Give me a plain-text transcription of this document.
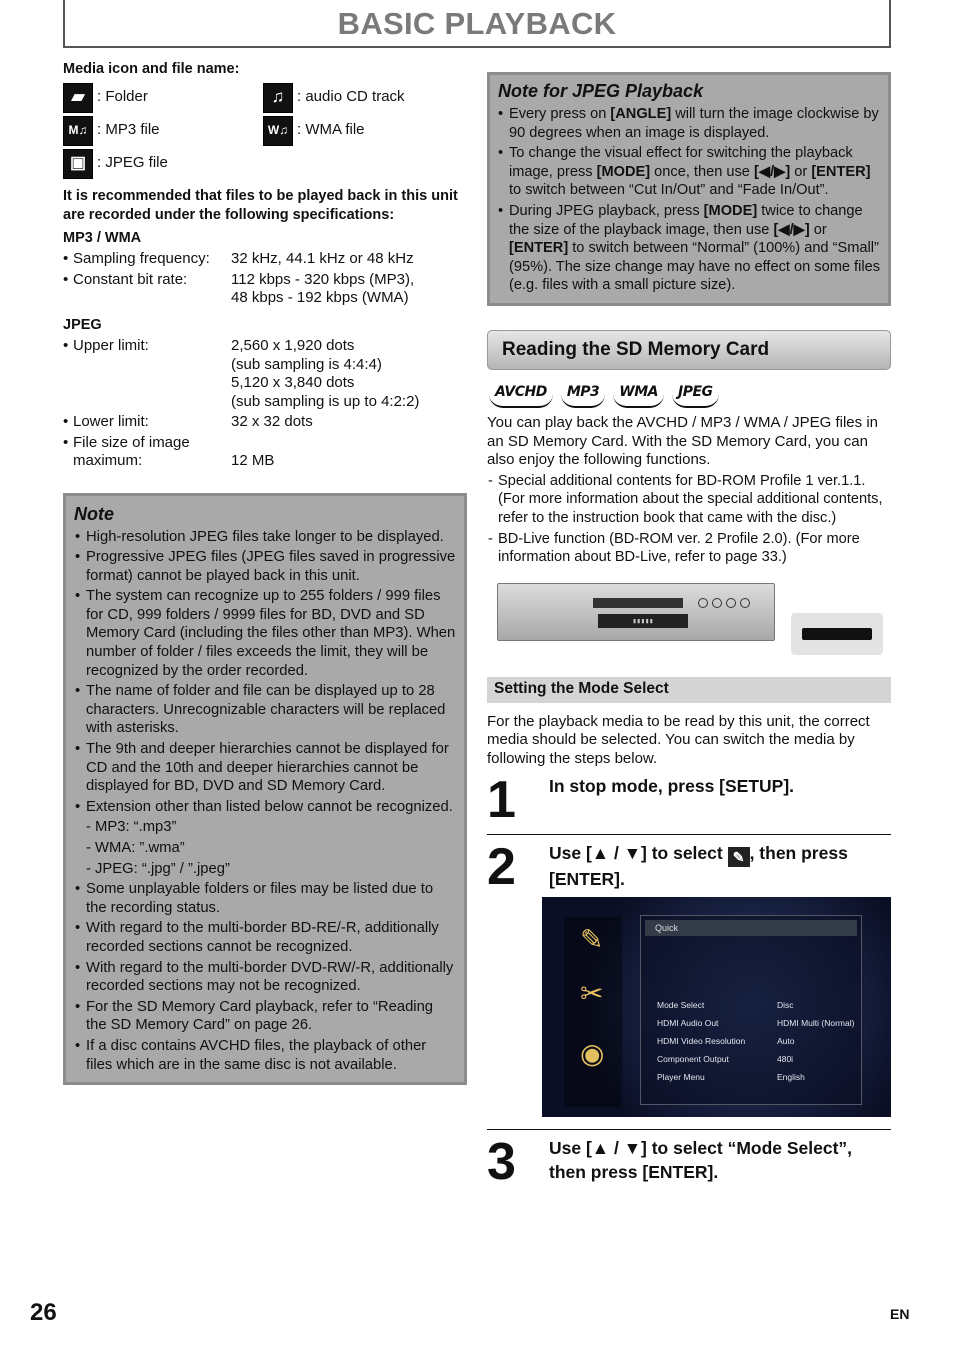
BASIC PLAYBACK
Media icon and file name:
▰ : Folder	♫ : audio CD track
M♫ : MP3 file	W♫ : WMA file
▣ : JPEG file
It is recommended that files to be played back in this unit are recorded under the following specifications:
MP3 / WMA
• Sampling frequency:	32 kHz, 44.1 kHz or 48 kHz
• Constant bit rate:	112 kbps - 320 kbps (MP3),
48 kbps - 192 kbps (WMA)
JPEG
• Upper limit:	2,560 x 1,920 dots
(sub sampling is 4:4:4)
5,120 x 3,840 dots
(sub sampling is up to 4:2:2)
• Lower limit:	32 x 32 dots
• File size of image
maximum:
	12 MB
Note
• High-resolution JPEG files take longer to be displayed.
• Progressive JPEG files (JPEG files saved in progressive format) cannot be played back in this unit.
• The system can recognize up to 255 folders / 999 files for CD, 999 folders / 9999 files for BD, DVD and SD Memory Card (including the files other than MP3). When number of folder / files exceeds the limit, they will be recognized by the order recorded.
• The name of folder and file can be displayed up to 28 characters. Unrecognizable characters will be replaced with asterisks.
• The 9th and deeper hierarchies cannot be displayed for CD and the 10th and deeper hierarchies cannot be displayed for BD, DVD and SD Memory Card.
• Extension other than listed below cannot be recognized.
- MP3: “.mp3”
- WMA: ”.wma”
- JPEG: “.jpg” / ”.jpeg”
• Some unplayable folders or files may be listed due to the recording status.
• With regard to the multi-border BD-RE/-R, additionally recorded sections cannot be recognized.
• With regard to the multi-border DVD-RW/-R, additionally recorded sections may not be recognized.
• For the SD Memory Card playback, refer to “Reading the SD Memory Card” on page 26.
• If a disc contains AVCHD files, the playback of other files which are in the same disc is not available.
Note for JPEG Playback
• Every press on [ANGLE] will turn the image clockwise by 90 degrees when an image is displayed.
• To change the visual effect for switching the playback image, press [MODE] once, then use [◀/▶] or [ENTER] to switch between “Cut In/Out” and “Fade In/Out”.
• During JPEG playback, press [MODE] twice to change the size of the playback image, then use [◀/▶] or [ENTER] to switch between “Normal” (100%) and “Small” (95%). The size change may have no effect on some files (e.g. files with a small picture size).
Reading the SD Memory Card
AVCHD	MP3	WMA	JPEG
You can play back the AVCHD / MP3 / WMA / JPEG files in an SD Memory Card. With the SD Memory Card, you can also enjoy the following functions.
- Special additional contents for BD-ROM Profile 1 ver.1.1. (For more information about the special additional contents, refer to the instruction book that came with the disc.)
- BD-Live function (BD-ROM ver. 2 Profile 2.0). (For more information about BD-Live, refer to page 33.)
▮▮▮▮▮
Setting the Mode Select
For the playback media to be read by this unit, the correct media should be selected. You can switch the media by following the steps below.
1	In stop mode, press [SETUP].
2	Use [▲ / ▼] to select ✎ , then press [ENTER].
✎
✂
◉
Quick
Mode Select	Disc
HDMI Audio Out	HDMI Multi (Normal)
HDMI Video Resolution	Auto
Component Output	480i
Player Menu	English
3	Use [▲ / ▼] to select “Mode Select”, then press [ENTER].
26	EN
